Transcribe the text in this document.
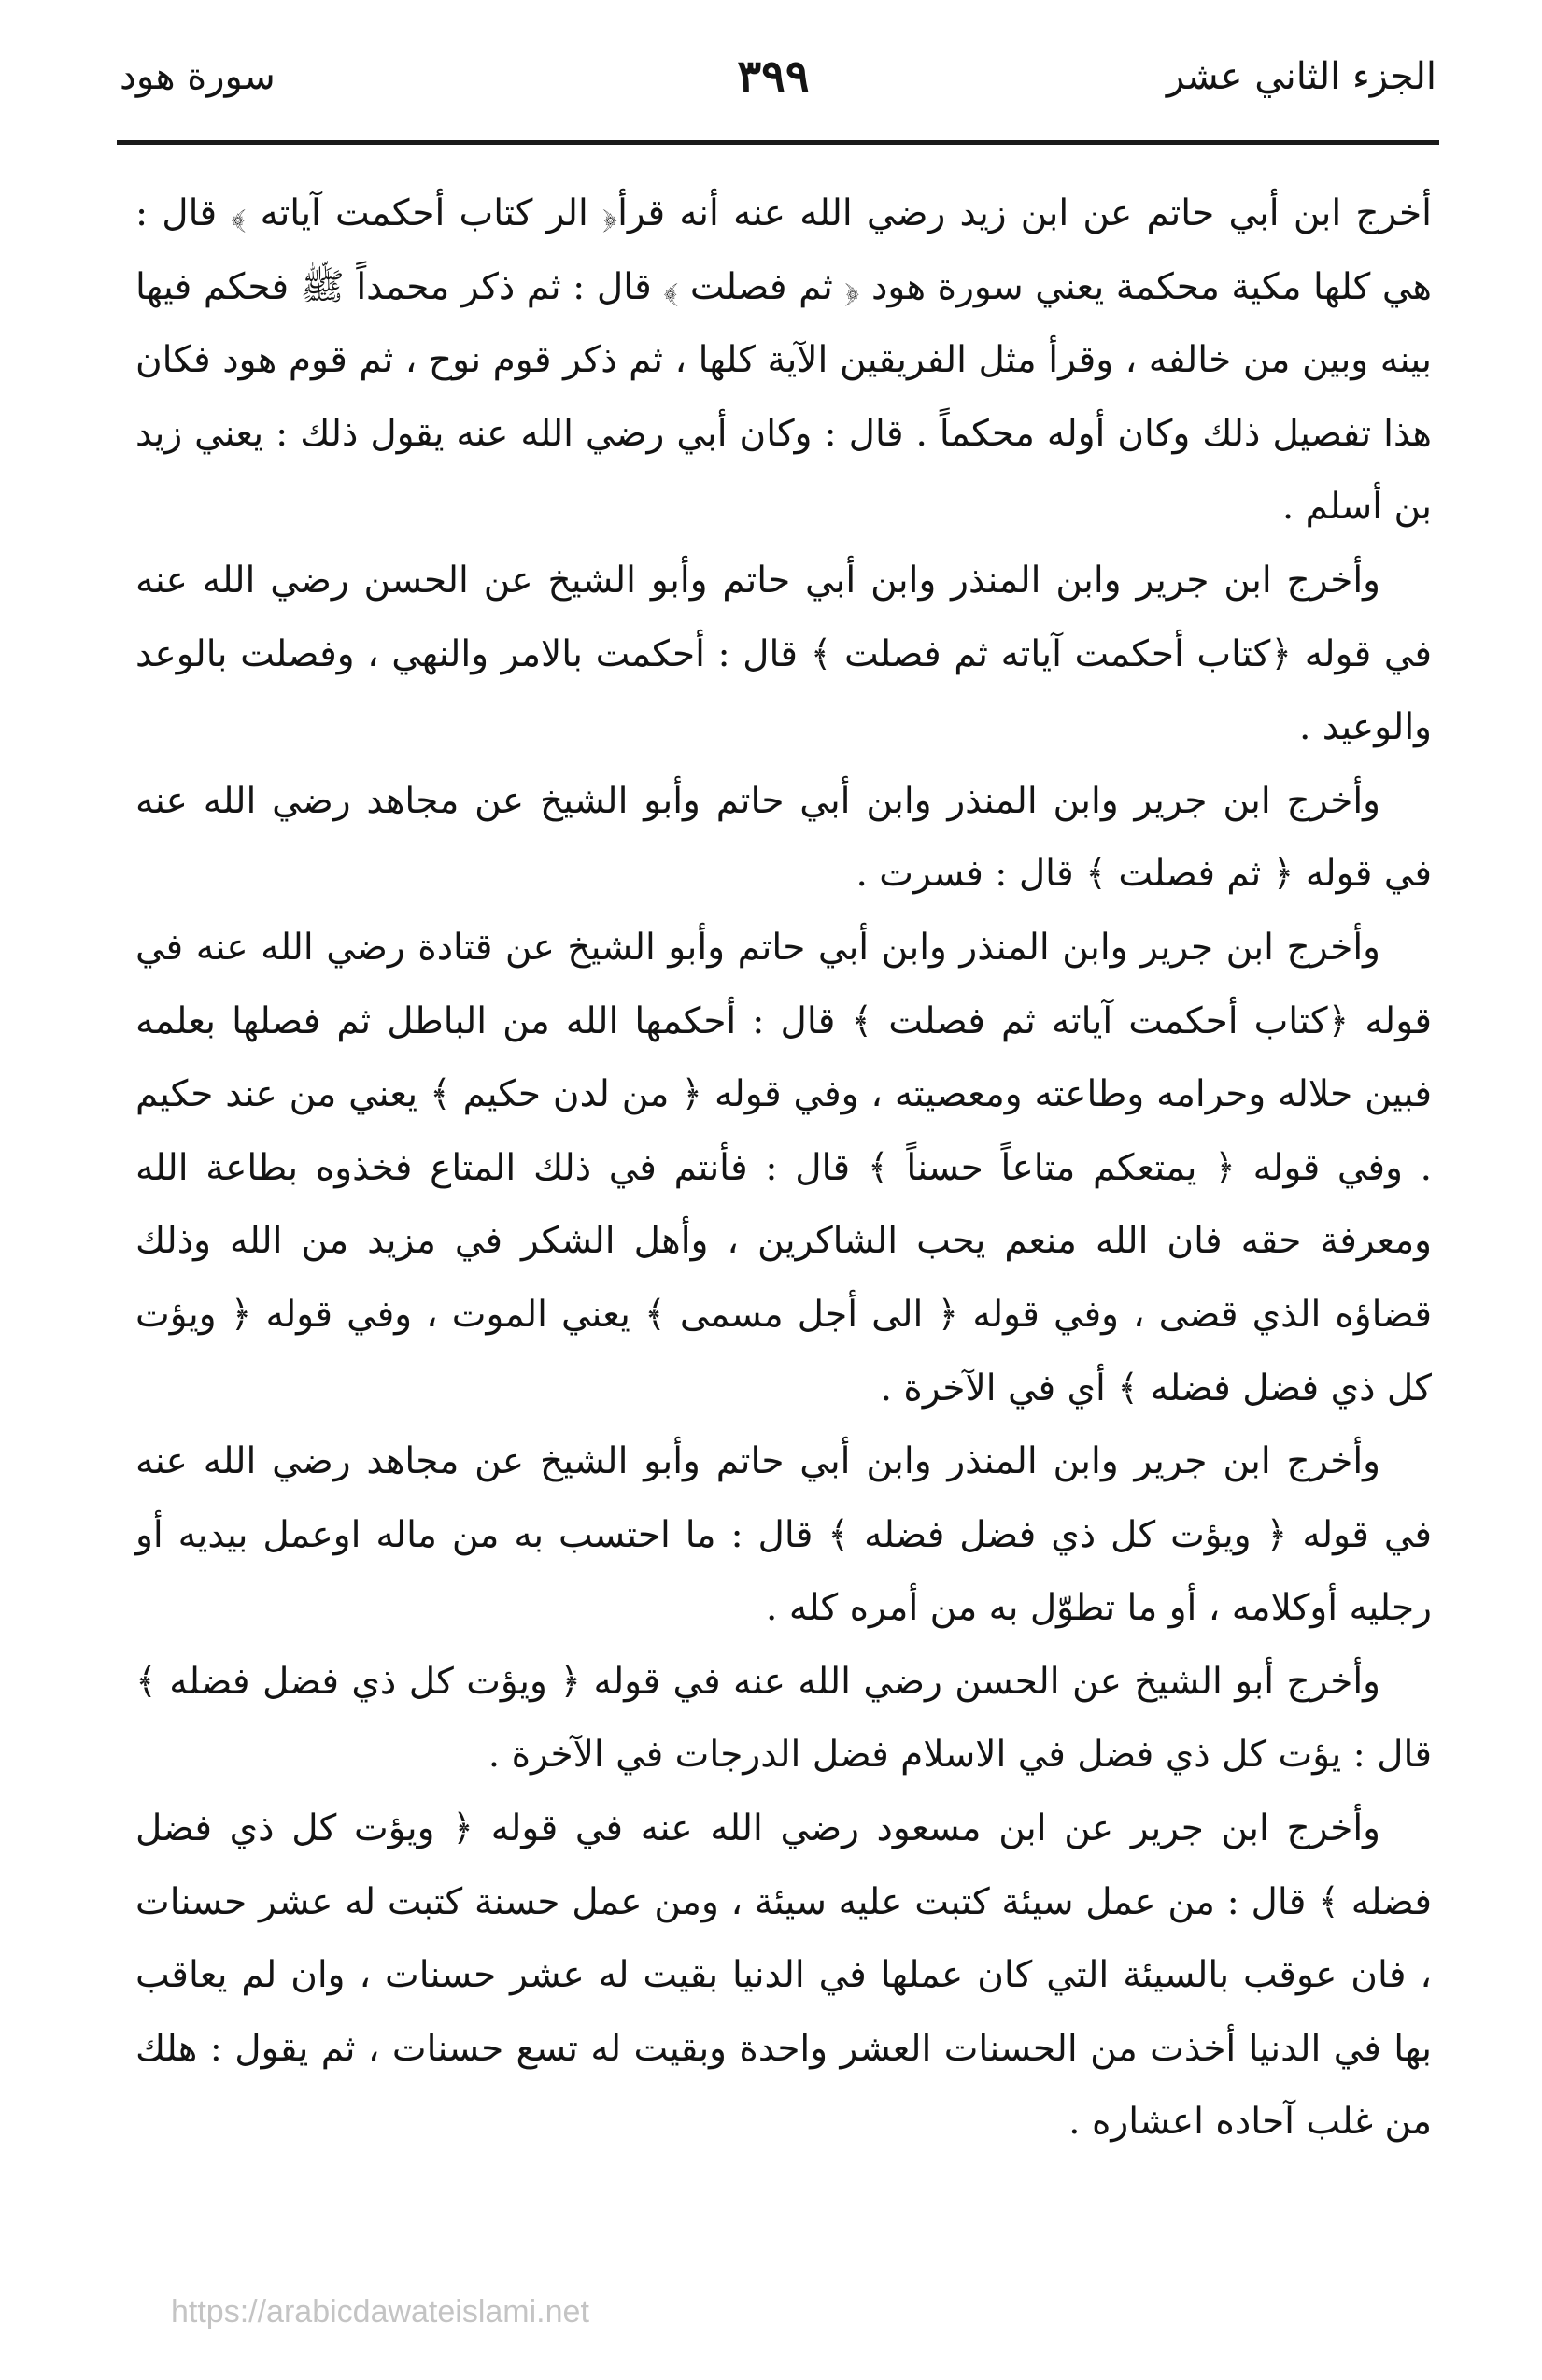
الجزء الثاني عشر
٣٩٩
سورة هود

أخرج ابن أبي حاتم عن ابن زيد رضي الله عنه أنه قرأ﴿ الر كتاب أحكمت آياته ﴾ قال : هي كلها مكية محكمة يعني سورة هود ﴿ ثم فصلت ﴾ قال : ثم ذكر محمداً ﷺ فحكم فيها بينه وبين من خالفه ، وقرأ مثل الفريقين الآية كلها ، ثم ذكر قوم نوح ، ثم قوم هود فكان هذا تفصيل ذلك وكان أوله محكماً . قال : وكان أبي رضي الله عنه يقول ذلك : يعني زيد بن أسلم .

وأخرج ابن جرير وابن المنذر وابن أبي حاتم وأبو الشيخ عن الحسن رضي الله عنه في قوله ﴿كتاب أحكمت آياته ثم فصلت ﴾ قال : أحكمت بالامر والنهي ، وفصلت بالوعد والوعيد .

وأخرج ابن جرير وابن المنذر وابن أبي حاتم وأبو الشيخ عن مجاهد رضي الله عنه في قوله ﴿ ثم فصلت ﴾ قال : فسرت .

وأخرج ابن جرير وابن المنذر وابن أبي حاتم وأبو الشيخ عن قتادة رضي الله عنه في قوله ﴿كتاب أحكمت آياته ثم فصلت ﴾ قال : أحكمها الله من الباطل ثم فصلها بعلمه فبين حلاله وحرامه وطاعته ومعصيته ، وفي قوله ﴿ من لدن حكيم ﴾ يعني من عند حكيم . وفي قوله ﴿ يمتعكم متاعاً حسناً ﴾ قال : فأنتم في ذلك المتاع فخذوه بطاعة الله ومعرفة حقه فان الله منعم يحب الشاكرين ، وأهل الشكر في مزيد من الله وذلك قضاؤه الذي قضى ، وفي قوله ﴿ الى أجل مسمى ﴾ يعني الموت ، وفي قوله ﴿ ويؤت كل ذي فضل فضله ﴾ أي في الآخرة .

وأخرج ابن جرير وابن المنذر وابن أبي حاتم وأبو الشيخ عن مجاهد رضي الله عنه في قوله ﴿ ويؤت كل ذي فضل فضله ﴾ قال : ما احتسب به من ماله اوعمل بيديه أو رجليه أوكلامه ، أو ما تطوّل به من أمره كله .

وأخرج أبو الشيخ عن الحسن رضي الله عنه في قوله ﴿ ويؤت كل ذي فضل فضله ﴾ قال : يؤت كل ذي فضل في الاسلام فضل الدرجات في الآخرة .

وأخرج ابن جرير عن ابن مسعود رضي الله عنه في قوله ﴿ ويؤت كل ذي فضل فضله ﴾ قال : من عمل سيئة كتبت عليه سيئة ، ومن عمل حسنة كتبت له عشر حسنات ، فان عوقب بالسيئة التي كان عملها في الدنيا بقيت له عشر حسنات ، وان لم يعاقب بها في الدنيا أخذت من الحسنات العشر واحدة وبقيت له تسع حسنات ، ثم يقول : هلك من غلب آحاده اعشاره .

https://arabicdawateislami.net
